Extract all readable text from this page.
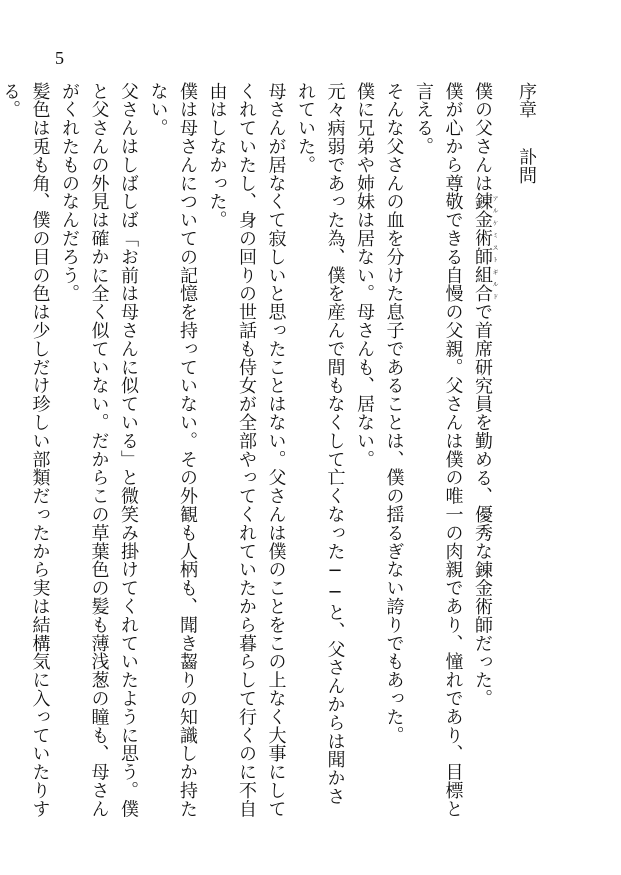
5
序章訃問

僕の父さんは錬金術師組合アルケミストギルドで首席研究員を勤める、優秀な錬金術師だった。

僕が心から尊敬できる自慢の父親。父さんは僕の唯一の肉親であり、憧れであり、目標と言える。

そんな父さんの血を分けた息子であることは、僕の揺るぎない誇りでもあった。

僕に兄弟や姉妹は居ない。母さんも、居ない。

元々病弱であった為、僕を産んで間もなくして亡くなった──と、父さんからは聞かされていた。

母さんが居なくて寂しいと思ったことはない。父さんは僕のことをこの上なく大事にしてくれていたし、身の回りの世話も侍女が全部やってくれていたから暮らして行くのに不自由はしなかった。

僕は母さんについての記憶を持っていない。その外観も人柄も、聞き齧りの知識しか持たない。

父さんはしばしば「お前は母さんに似ている」と微笑み掛けてくれていたように思う。僕と父さんの外見は確かに全く似ていない。だからこの草葉色の髪も薄浅葱の瞳も、母さんがくれたものなんだろう。

髪色は兎も角、僕の目の色は少しだけ珍しい部類だったから実は結構気に入っていたりする。
